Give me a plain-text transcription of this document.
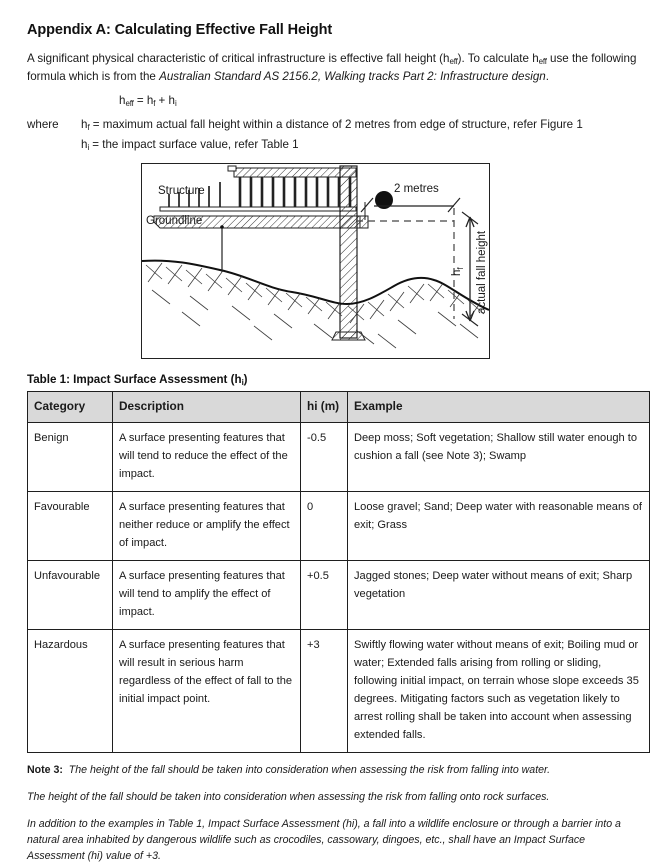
Appendix A: Calculating Effective Fall Height

A significant physical characteristic of critical infrastructure is effective fall height $(h_{eff})$. To calculate $h_{eff}$ use the following formula which is from the Australian Standard AS 2156.2, Walking tracks Part 2: Infrastructure design.

$h_{eff} = h_f + h_i$
where	$h_f$ = maximum actual fall height within a distance of 2 metres from edge of structure, refer Figure 1
$h_i$ = the impact surface value, refer Table 1
Structure
Groundline
2 metres
$h_f$ actual fall height
Table 1: Impact Surface Assessment $(h_i)$
Category	Description	hi (m)	Example
Benign	A surface presenting features that will tend to reduce the effect of the impact.	-0.5	Deep moss; Soft vegetation; Shallow still water enough to cushion a fall (see Note 3); Swamp
Favourable	A surface presenting features that neither reduce or amplify the effect of impact.	0	Loose gravel; Sand; Deep water with reasonable means of exit; Grass
Unfavourable	A surface presenting features that will tend to amplify the effect of impact.	+0.5	Jagged stones; Deep water without means of exit; Sharp vegetation
Hazardous	A surface presenting features that will result in serious harm regardless of the effect of fall to the initial impact point.	+3	Swiftly flowing water without means of exit; Boiling mud or water; Extended falls arising from rolling or sliding, following initial impact, on terrain whose slope exceeds 35 degrees. Mitigating factors such as vegetation likely to arrest rolling shall be taken into account when assessing extended falls.

Note 3: The height of the fall should be taken into consideration when assessing the risk from falling into water.

The height of the fall should be taken into consideration when assessing the risk from falling onto rock surfaces.

In addition to the examples in Table 1, Impact Surface Assessment (hi), a fall into a wildlife enclosure or through a barrier into a natural area inhabited by dangerous wildlife such as crocodiles, cassowary, dingoes, etc., shall have an Impact Surface Assessment (hi) value of +3.
